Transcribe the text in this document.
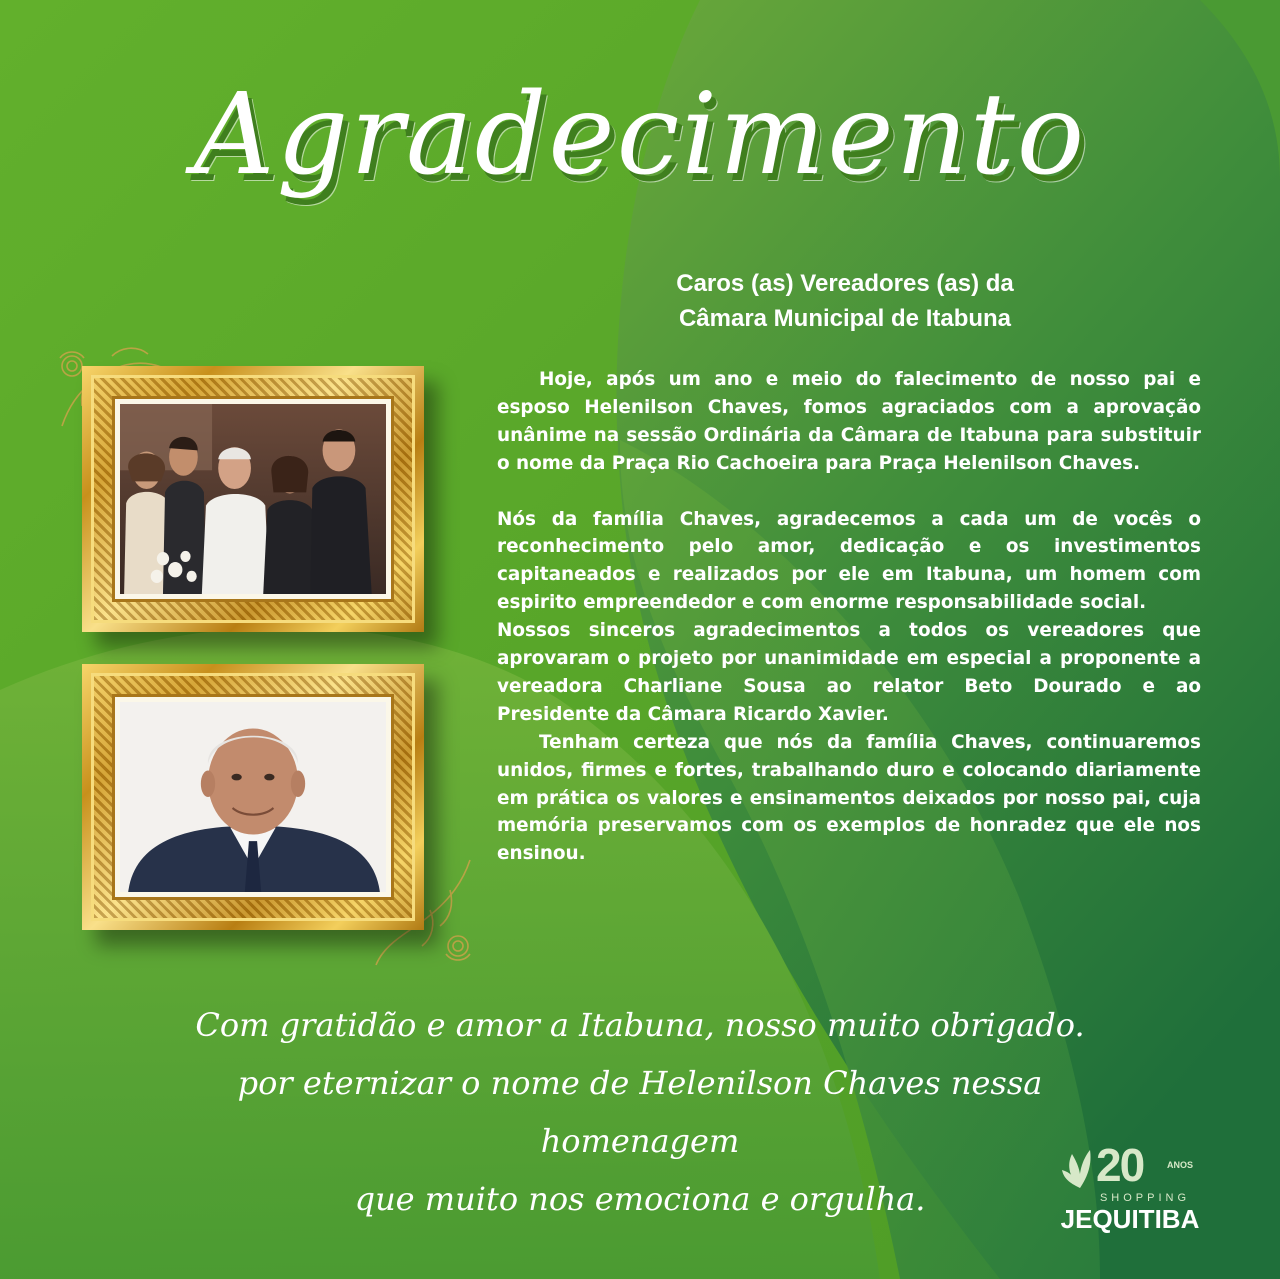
Agradecimento
Caros (as) Vereadores (as) da
Câmara Municipal de Itabuna

Hoje, após um ano e meio do falecimento de nosso pai e esposo Helenilson Chaves, fomos agraciados com a aprovação unânime na sessão Ordinária da Câmara de Itabuna para substituir o nome da Praça Rio Cachoeira para Praça Helenilson Chaves.

Nós da família Chaves, agradecemos a cada um de vocês o reconhecimento pelo amor, dedicação e os investimentos capitaneados e realizados por ele em Itabuna, um homem com espirito empreendedor e com enorme responsabilidade social.

Nossos sinceros agradecimentos a todos os vereadores que aprovaram o projeto por unanimidade em especial a proponente a vereadora Charliane Sousa ao relator Beto Dourado e ao Presidente da Câmara Ricardo Xavier.

Tenham certeza que nós da família Chaves, continuaremos unidos, firmes e fortes, trabalhando duro e colocando diariamente em prática os valores e ensinamentos deixados por nosso pai, cuja memória preservamos com os exemplos de honradez que ele nos ensinou.

Com gratidão e amor a Itabuna, nosso muito obrigado.
por eternizar o nome de Helenilson Chaves nessa homenagem
que muito nos emociona e orgulha.
20	ANOS
SHOPPING
JEQUITIBA
